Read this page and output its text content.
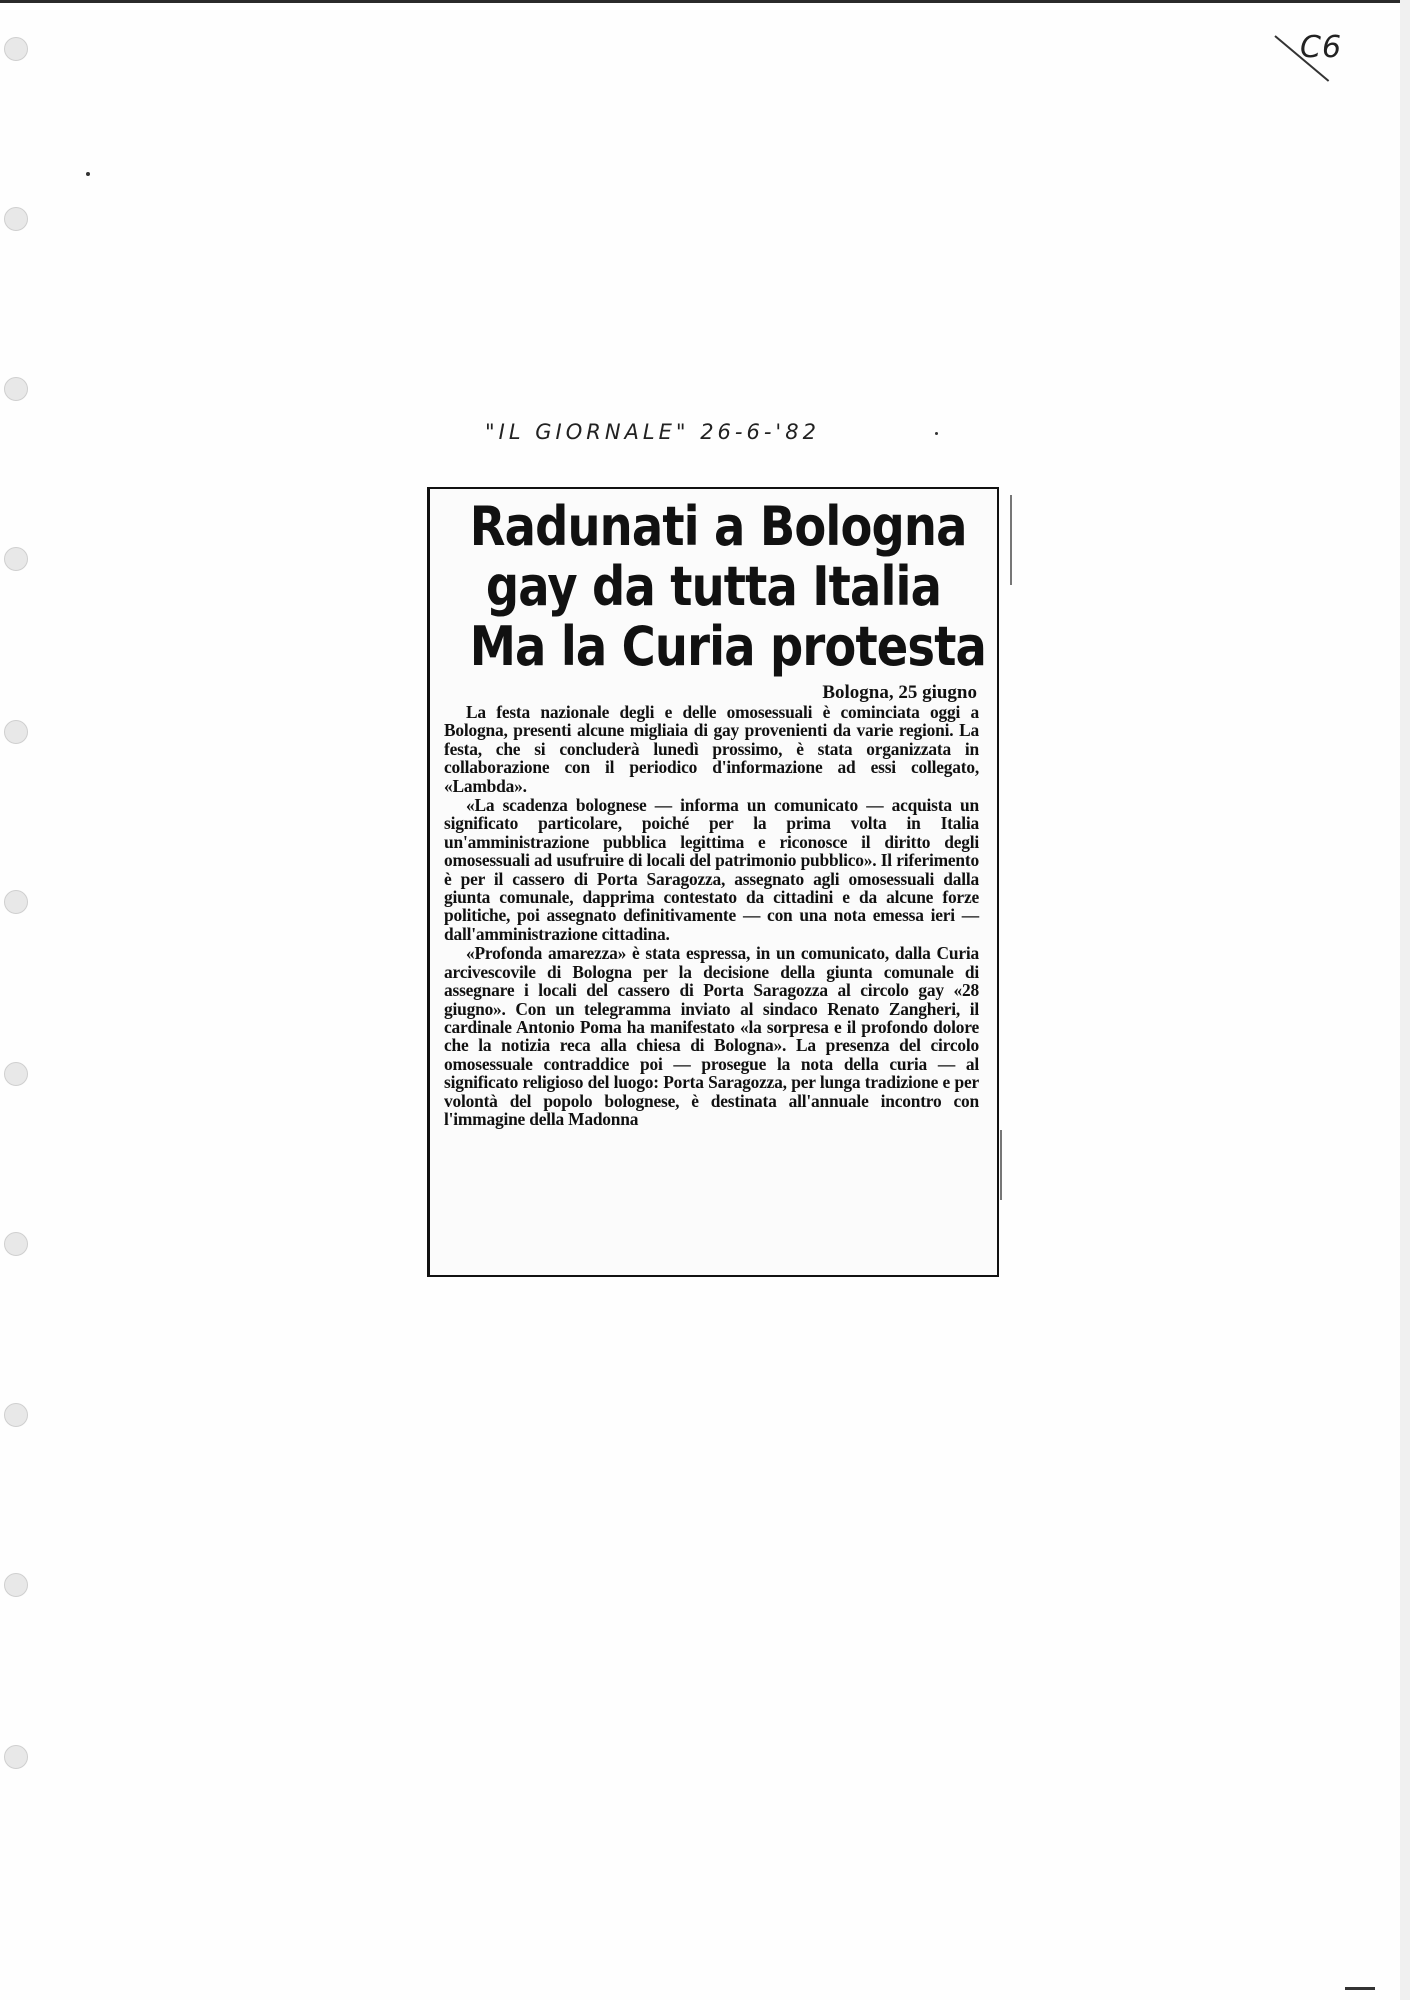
C6
"IL GIORNALE" 26-6-'82
Radunati a Bologna
gay da tutta Italia
Ma la Curia protesta
Bologna, 25 giugno

La festa nazionale degli e delle omosessuali è cominciata oggi a Bologna, presenti alcune migliaia di gay provenienti da varie regioni. La festa, che si concluderà lunedì prossimo, è stata organizzata in collaborazione con il periodico d'informazione ad essi collegato, «Lambda».

«La scadenza bolognese — informa un comunicato — acquista un significato particolare, poiché per la prima volta in Italia un'amministrazione pubblica legittima e riconosce il diritto degli omosessuali ad usufruire di locali del patrimonio pubblico». Il riferimento è per il cassero di Porta Saragozza, assegnato agli omosessuali dalla giunta comunale, dapprima contestato da cittadini e da alcune forze politiche, poi assegnato definitivamente — con una nota emessa ieri — dall'amministrazione cittadina.

«Profonda amarezza» è stata espressa, in un comunicato, dalla Curia arcivescovile di Bologna per la decisione della giunta comunale di assegnare i locali del cassero di Porta Saragozza al circolo gay «28 giugno». Con un telegramma inviato al sindaco Renato Zangheri, il cardinale Antonio Poma ha manifestato «la sorpresa e il profondo dolore che la notizia reca alla chiesa di Bologna». La presenza del circolo omosessuale contraddice poi — prosegue la nota della curia — al significato religioso del luogo: Porta Saragozza, per lunga tradizione e per volontà del popolo bolognese, è destinata all'annuale incontro con l'immagine della Madonna
